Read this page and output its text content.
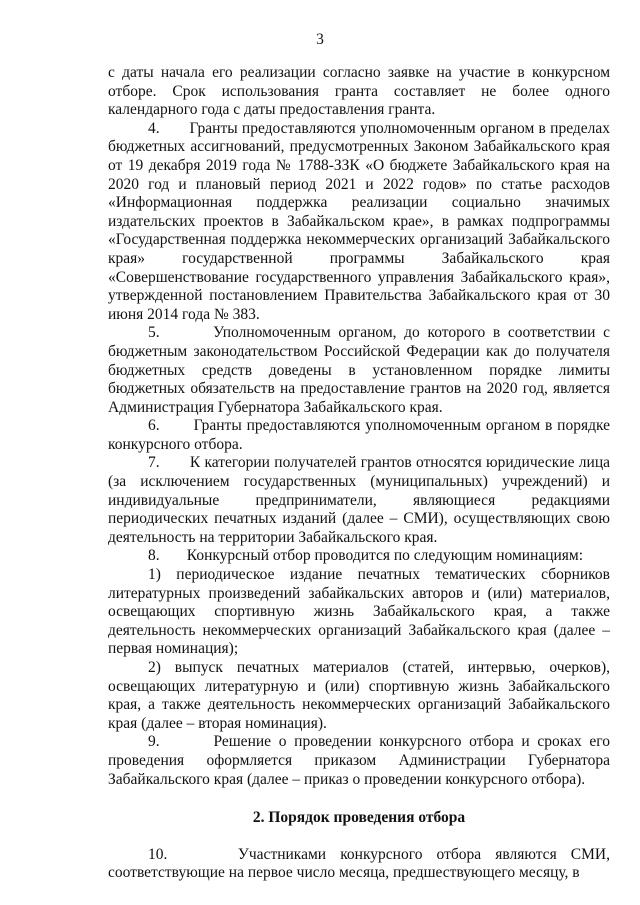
3

с даты начала его реализации согласно заявке на участие в конкурсном отборе. Срок использования гранта составляет не более одного календарного года с даты предоставления гранта.

4.       Гранты предоставляются уполномоченным органом в пределах бюджетных ассигнований, предусмотренных Законом Забайкальского края от 19 декабря 2019 года № 1788-ЗЗК «О бюджете Забайкальского края на 2020 год и плановый период 2021 и 2022 годов» по статье расходов «Информационная поддержка реализации социально значимых издательских проектов в Забайкальском крае», в рамках подпрограммы «Государственная поддержка некоммерческих организаций Забайкальского края» государственной программы Забайкальского края «Совершенствование государственного управления Забайкальского края», утвержденной постановлением Правительства Забайкальского края от 30 июня 2014 года № 383.

5.       Уполномоченным органом, до которого в соответствии с бюджетным законодательством Российской Федерации как до получателя бюджетных средств доведены в установленном порядке лимиты бюджетных обязательств на предоставление грантов на 2020 год, является Администрация Губернатора Забайкальского края.

6.       Гранты предоставляются уполномоченным органом в порядке конкурсного отбора.

7.       К категории получателей грантов относятся юридические лица (за исключением государственных (муниципальных) учреждений) и индивидуальные предприниматели, являющиеся редакциями периодических печатных изданий (далее – СМИ), осуществляющих свою деятельность на территории Забайкальского края.

8.       Конкурсный отбор проводится по следующим номинациям:

1) периодическое издание печатных тематических сборников литературных произведений забайкальских авторов и (или) материалов, освещающих спортивную жизнь Забайкальского края, а также деятельность некоммерческих организаций Забайкальского края (далее – первая номинация);

2) выпуск печатных материалов (статей, интервью, очерков), освещающих литературную и (или) спортивную жизнь Забайкальского края, а также деятельность некоммерческих организаций Забайкальского края (далее – вторая номинация).

9.       Решение о проведении конкурсного отбора и сроках его проведения оформляется приказом Администрации Губернатора Забайкальского края (далее – приказ о проведении конкурсного отбора).

2. Порядок проведения отбора

10.     Участниками конкурсного отбора являются СМИ, соответствующие на первое число месяца, предшествующего месяцу, в
